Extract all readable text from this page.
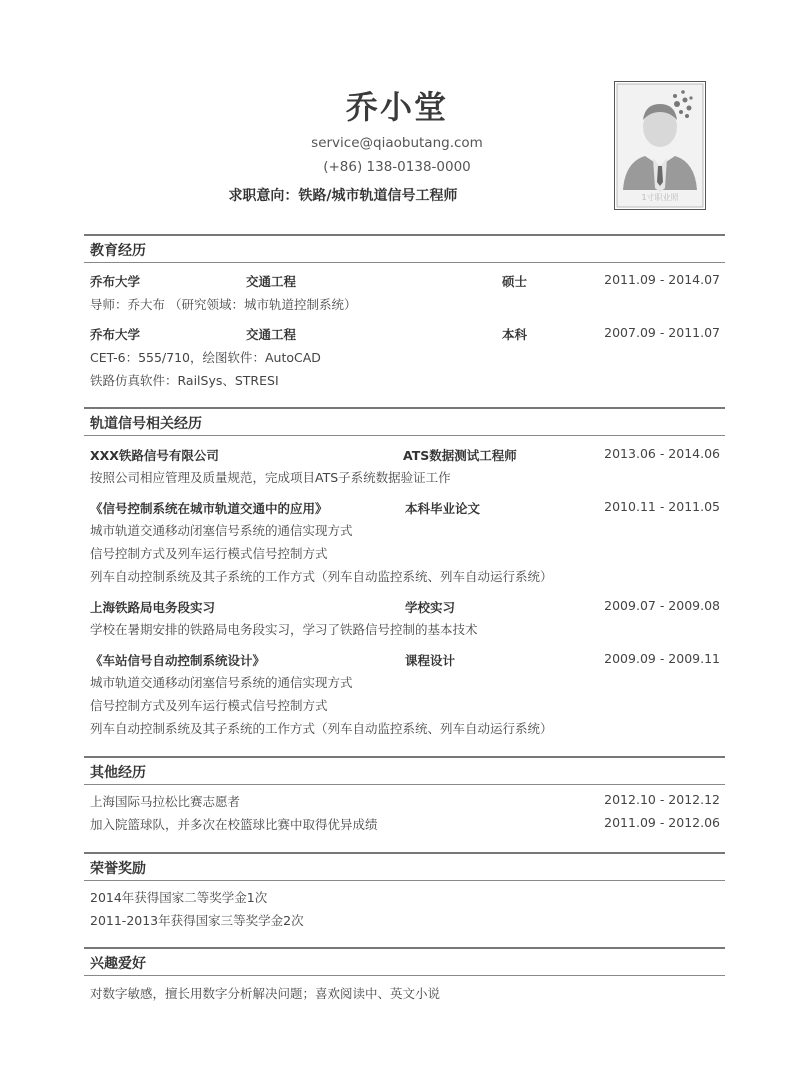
乔小堂
service@qiaobutang.com
(+86) 138-0138-0000
求职意向：铁路/城市轨道信号工程师	1寸职业照
教育经历
乔布大学	交通工程	硕士	2011.09 - 2014.07
导师：乔大布 （研究领域：城市轨道控制系统）
乔布大学	交通工程	本科	2007.09 - 2011.07
CET-6：555/710，绘图软件：AutoCAD
铁路仿真软件：RailSys、STRESI
轨道信号相关经历
XXX铁路信号有限公司	ATS数据测试工程师	2013.06 - 2014.06
按照公司相应管理及质量规范，完成项目ATS子系统数据验证工作
《信号控制系统在城市轨道交通中的应用》	本科毕业论文	2010.11 - 2011.05
城市轨道交通移动闭塞信号系统的通信实现方式
信号控制方式及列车运行模式信号控制方式
列车自动控制系统及其子系统的工作方式（列车自动监控系统、列车自动运行系统）
上海铁路局电务段实习	学校实习	2009.07 - 2009.08
学校在暑期安排的铁路局电务段实习，学习了铁路信号控制的基本技术
《车站信号自动控制系统设计》	课程设计	2009.09 - 2009.11
城市轨道交通移动闭塞信号系统的通信实现方式
信号控制方式及列车运行模式信号控制方式
列车自动控制系统及其子系统的工作方式（列车自动监控系统、列车自动运行系统）
其他经历
上海国际马拉松比赛志愿者	2012.10 - 2012.12
加入院篮球队，并多次在校篮球比赛中取得优异成绩	2011.09 - 2012.06
荣誉奖励
2014年获得国家二等奖学金1次
2011-2013年获得国家三等奖学金2次
兴趣爱好
对数字敏感，擅长用数字分析解决问题；喜欢阅读中、英文小说
